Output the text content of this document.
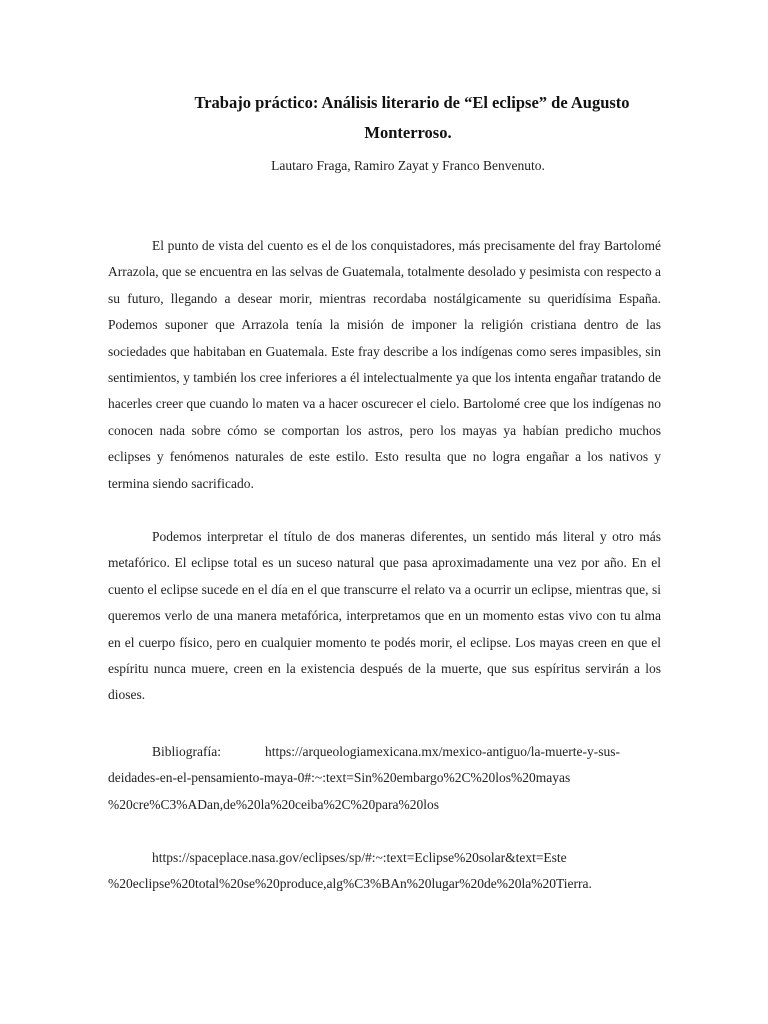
Trabajo práctico: Análisis literario de “El eclipse” de Augusto
Monterroso.
Lautaro Fraga, Ramiro Zayat y Franco Benvenuto.

El punto de vista del cuento es el de los conquistadores, más precisamente del fray Bartolomé Arrazola, que se encuentra en las selvas de Guatemala, totalmente desolado y pesimista con respecto a su futuro, llegando a desear morir, mientras recordaba nostálgicamente su queridísima España. Podemos suponer que Arrazola tenía la misión de imponer la religión cristiana dentro de las sociedades que habitaban en Guatemala. Este fray describe a los indígenas como seres impasibles, sin sentimientos, y también los cree inferiores a él intelectualmente ya que los intenta engañar tratando de hacerles creer que cuando lo maten va a hacer oscurecer el cielo. Bartolomé cree que los indígenas no conocen nada sobre cómo se comportan los astros, pero los mayas ya habían predicho muchos eclipses y fenómenos naturales de este estilo. Esto resulta que no logra engañar a los nativos y termina siendo sacrificado.

Podemos interpretar el título de dos maneras diferentes, un sentido más literal y otro más metafórico. El eclipse total es un suceso natural que pasa aproximadamente una vez por año. En el cuento el eclipse sucede en el día en el que transcurre el relato va a ocurrir un eclipse, mientras que, si queremos verlo de una manera metafórica, interpretamos que en un momento estas vivo con tu alma en el cuerpo físico, pero en cualquier momento te podés morir, el eclipse. Los mayas creen en que el espíritu nunca muere, creen en la existencia después de la muerte, que sus espíritus servirán a los dioses.

Bibliografía:	https://arqueologiamexicana.mx/mexico-antiguo/la-muerte-y-sus-
deidades-en-el-pensamiento-maya-0#:~:text=Sin%20embargo%2C%20los%20mayas
%20cre%C3%ADan,de%20la%20ceiba%2C%20para%20los
https://spaceplace.nasa.gov/eclipses/sp/#:~:text=Eclipse%20solar&text=Este
%20eclipse%20total%20se%20produce,alg%C3%BAn%20lugar%20de%20la%20Tierra.
